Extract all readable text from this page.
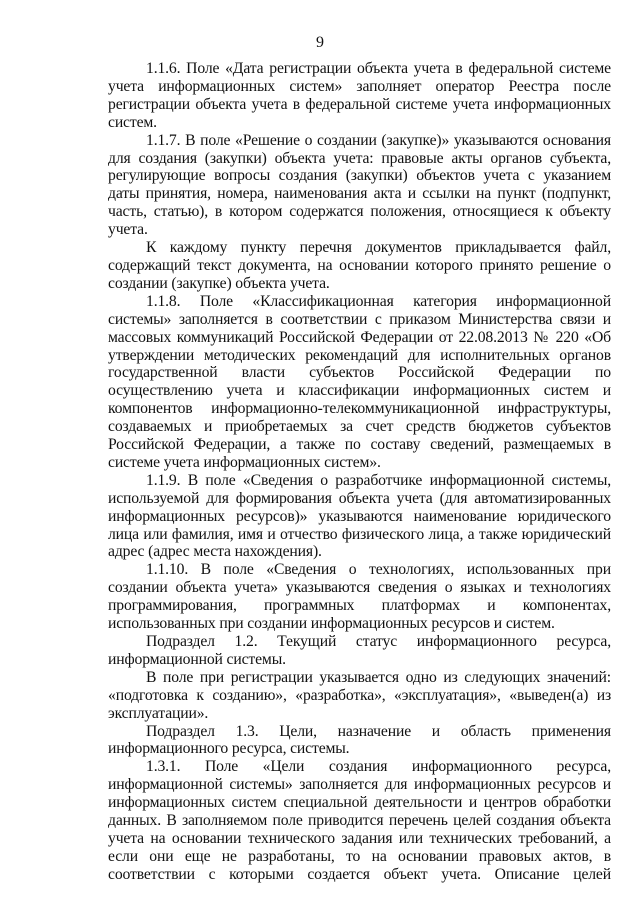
9

1.1.6. Поле «Дата регистрации объекта учета в федеральной системе учета информационных систем» заполняет оператор Реестра после регистрации объекта учета в федеральной системе учета информационных систем.

1.1.7. В поле «Решение о создании (закупке)» указываются основания для создания (закупки) объекта учета: правовые акты органов субъекта, регулирующие вопросы создания (закупки) объектов учета с указанием даты принятия, номера, наименования акта и ссылки на пункт (подпункт, часть, статью), в котором содержатся положения, относящиеся к объекту учета.

К каждому пункту перечня документов прикладывается файл, содержащий текст документа, на основании которого принято решение о создании (закупке) объекта учета.

1.1.8. Поле «Классификационная категория информационной системы» заполняется в соответствии с приказом Министерства связи и массовых коммуникаций Российской Федерации от 22.08.2013 № 220 «Об утверждении методических рекомендаций для исполнительных органов государственной власти субъектов Российской Федерации по осуществлению учета и классификации информационных систем и компонентов информационно-телекоммуникационной инфраструктуры, создаваемых и приобретаемых за счет средств бюджетов субъектов Российской Федерации, а также по составу сведений, размещаемых в системе учета информационных систем».

1.1.9. В поле «Сведения о разработчике информационной системы, используемой для формирования объекта учета (для автоматизированных информационных ресурсов)» указываются наименование юридического лица или фамилия, имя и отчество физического лица, а также юридический адрес (адрес места нахождения).

1.1.10. В поле «Сведения о технологиях, использованных при создании объекта учета» указываются сведения о языках и технологиях программирования, программных платформах и компонентах, использованных при создании информационных ресурсов и систем.

Подраздел 1.2. Текущий статус информационного ресурса, информационной системы.

В поле при регистрации указывается одно из следующих значений: «подготовка к созданию», «разработка», «эксплуатация», «выведен(а) из эксплуатации».

Подраздел 1.3. Цели, назначение и область применения информационного ресурса, системы.

1.3.1. Поле «Цели создания информационного ресурса, информационной системы» заполняется для информационных ресурсов и информационных систем специальной деятельности и центров обработки данных. В заполняемом поле приводится перечень целей создания объекта учета на основании технического задания или технических требований, а если они еще не разработаны, то на основании правовых актов, в соответствии с которыми создается объект учета. Описание целей
